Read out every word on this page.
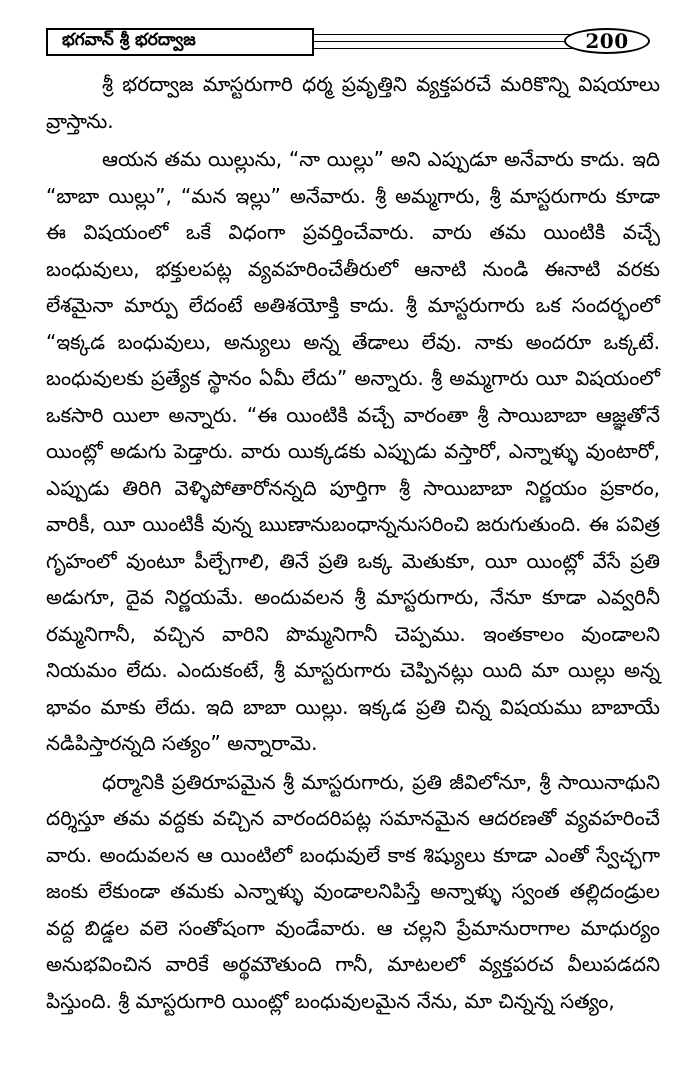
భగవాన్ శ్రీ భరద్వాజ	200

శ్రీ భరద్వాజ మాస్టరుగారి ధర్మ ప్రవృత్తిని వ్యక్తపరచే మరికొన్ని విషయాలు వ్రాస్తాను.

ఆయన తమ యిల్లును, “నా యిల్లు” అని ఎప్పుడూ అనేవారు కాదు. ఇది “బాబా యిల్లు”, “మన ఇల్లు” అనేవారు. శ్రీ అమ్మగారు, శ్రీ మాస్టరుగారు కూడా ఈ విషయంలో ఒకే విధంగా ప్రవర్తించేవారు. వారు తమ యింటికి వచ్చే బంధువులు, భక్తులపట్ల వ్యవహరించేతీరులో ఆనాటి నుండి ఈనాటి వరకు లేశమైనా మార్పు లేదంటే అతిశయోక్తి కాదు. శ్రీ మాస్టరుగారు ఒక సందర్భంలో “ఇక్కడ బంధువులు, అన్యులు అన్న తేడాలు లేవు. నాకు అందరూ ఒక్కటే. బంధువులకు ప్రత్యేక స్థానం ఏమీ లేదు” అన్నారు. శ్రీ అమ్మగారు యీ విషయంలో ఒకసారి యిలా అన్నారు. “ఈ యింటికి వచ్చే వారంతా శ్రీ సాయిబాబా ఆజ్ఞతోనే యింట్లో అడుగు పెడ్తారు. వారు యిక్కడకు ఎప్పుడు వస్తారో, ఎన్నాళ్ళు వుంటారో, ఎప్పుడు తిరిగి వెళ్ళిపోతారోనన్నది పూర్తిగా శ్రీ సాయిబాబా నిర్ణయం ప్రకారం, వారికీ, యీ యింటికీ వున్న ఋణానుబంధాన్ననుసరించి జరుగుతుంది. ఈ పవిత్ర గృహంలో వుంటూ పీల్చేగాలి, తినే ప్రతి ఒక్క మెతుకూ, యీ యింట్లో వేసే ప్రతి అడుగూ, దైవ నిర్ణయమే. అందువలన శ్రీ మాస్టరుగారు, నేనూ కూడా ఎవ్వరినీ రమ్మనిగానీ, వచ్చిన వారిని పొమ్మనిగానీ చెప్పము. ఇంతకాలం వుండాలని నియమం లేదు. ఎందుకంటే, శ్రీ మాస్టరుగారు చెప్పినట్లు యిది మా యిల్లు అన్న భావం మాకు లేదు. ఇది బాబా యిల్లు. ఇక్కడ ప్రతి చిన్న విషయము బాబాయే నడిపిస్తారన్నది సత్యం” అన్నారామె.

ధర్మానికి ప్రతిరూపమైన శ్రీ మాస్టరుగారు, ప్రతి జీవిలోనూ, శ్రీ సాయినాథుని దర్శిస్తూ తమ వద్దకు వచ్చిన వారందరిపట్ల సమానమైన ఆదరణతో వ్యవహరించే వారు. అందువలన ఆ యింటిలో బంధువులే కాక శిష్యులు కూడా ఎంతో స్వేచ్ఛగా జంకు లేకుండా తమకు ఎన్నాళ్ళు వుండాలనిపిస్తే అన్నాళ్ళు స్వంత తల్లిదండ్రుల వద్ద బిడ్డల వలె సంతోషంగా వుండేవారు. ఆ చల్లని ప్రేమానురాగాల మాధుర్యం అనుభవించిన వారికే అర్థమౌతుంది గానీ, మాటలలో వ్యక్తపరచ వీలుపడదని పిస్తుంది. శ్రీ మాస్టరుగారి యింట్లో బంధువులమైన నేను, మా చిన్నన్న సత్యం,
